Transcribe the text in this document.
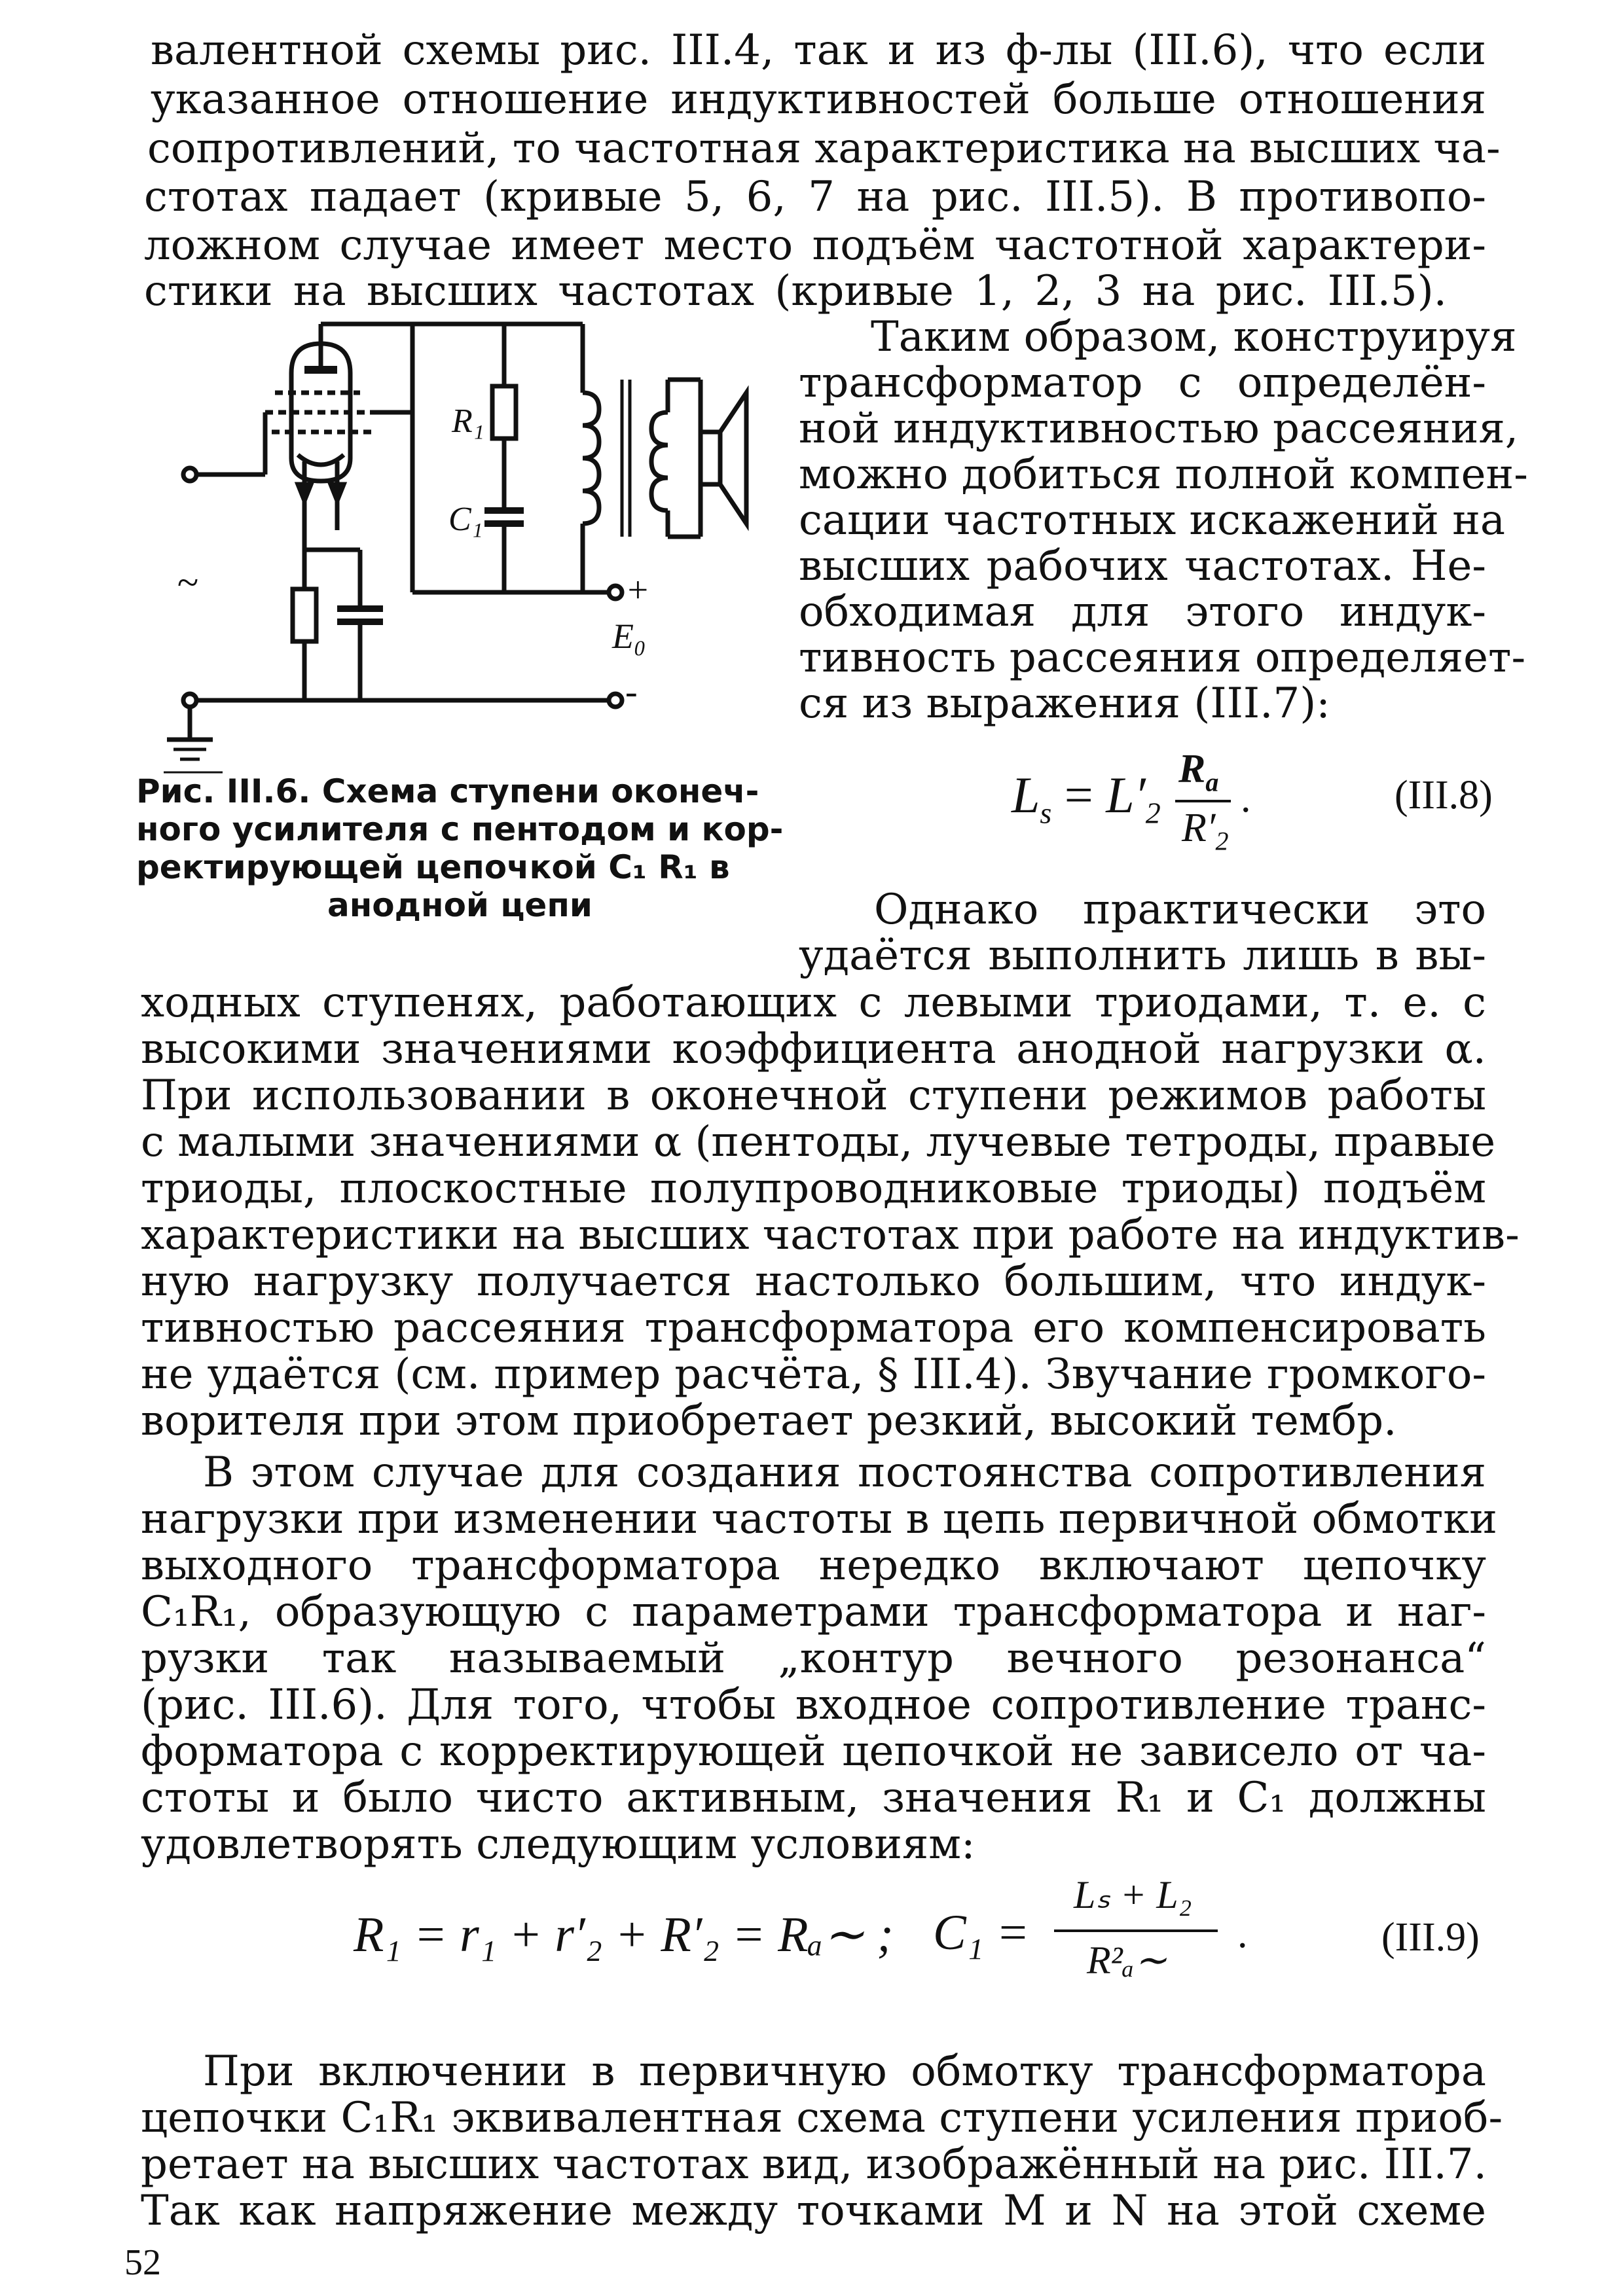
валентной схемы рис. III.4, так и из ф-лы (III.6), что если
указанное отношение индуктивностей больше отношения
сопротивлений, то частотная характеристика на высших ча-
стотах падает (кривые 5, 6, 7 на рис. III.5). В противопо-
ложном случае имеет место подъём частотной характери-
стики на высших частотах (кривые 1, 2, 3 на рис. III.5).
R₁
C₁
+
E₀
-
~
Рис. III.6. Схема ступени оконеч-
ного усилителя с пентодом и кор-
ректирующей цепочкой C₁ R₁ в
анодной цепи
Таким образом, конструируя
трансформатор с определён-
ной индуктивностью рассеяния,
можно добиться полной компен-
сации частотных искажений на
высших рабочих частотах. Не-
обходимая для этого индук-
тивность рассеяния определяет-
ся из выражения (III.7):
$L_s = L'_2$
$R_a$
$R'_2$
.	(III.8)
Однако практически это
удаётся выполнить лишь в вы-
ходных ступенях, работающих с левыми триодами, т. е. с
высокими значениями коэффициента анодной нагрузки α.
При использовании в оконечной ступени режимов работы
с малыми значениями α (пентоды, лучевые тетроды, правые
триоды, плоскостные полупроводниковые триоды) подъём
характеристики на высших частотах при работе на индуктив-
ную нагрузку получается настолько большим, что индук-
тивностью рассеяния трансформатора его компенсировать
не удаётся (см. пример расчёта, § III.4). Звучание громкого-
ворителя при этом приобретает резкий, высокий тембр.
В этом случае для создания постоянства сопротивления
нагрузки при изменении частоты в цепь первичной обмотки
выходного трансформатора нередко включают цепочку
C₁R₁, образующую с параметрами трансформатора и наг-
рузки так называемый „контур вечного резонанса“
(рис. III.6). Для того, чтобы входное сопротивление транс-
форматора с корректирующей цепочкой не зависело от ча-
стоты и было чисто активным, значения R₁ и C₁ должны
удовлетворять следующим условиям:
R₁ = r₁ + r′₂ + R′₂ = Rₐ∼ ; C₁ =
Lₛ + L₂
R²ₐ∼
.	(III.9)
При включении в первичную обмотку трансформатора
цепочки C₁R₁ эквивалентная схема ступени усиления приоб-
ретает на высших частотах вид, изображённый на рис. III.7.
Так как напряжение между точками M и N на этой схеме
52
